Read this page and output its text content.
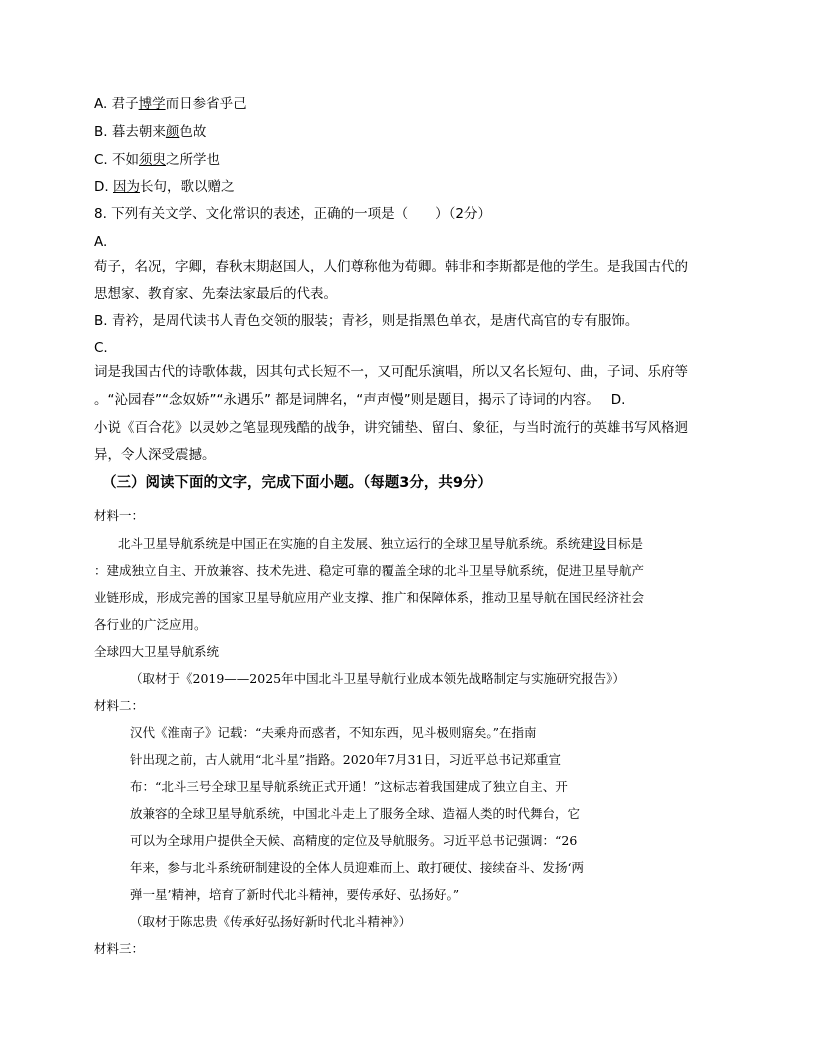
A. 君子博学而日参省乎己
B. 暮去朝来颜色故
C. 不如须臾之所学也
D. 因为长句，歌以赠之
8. 下列有关文学、文化常识的表述，正确的一项是（　　）（2分）
A.
荀子，名况，字卿，春秋末期赵国人，人们尊称他为荀卿。韩非和李斯都是他的学生。是我国古代的
思想家、教育家、先秦法家最后的代表。
B. 青衿，是周代读书人青色交领的服装；青衫，则是指黑色单衣，是唐代高官的专有服饰。
C.
词是我国古代的诗歌体裁，因其句式长短不一，又可配乐演唱，所以又名长短句、曲，子词、乐府等
。“沁园春”“念奴娇”“永遇乐” 都是词牌名，“声声慢”则是题目，揭示了诗词的内容。　 D.
小说《百合花》以灵妙之笔显现残酷的战争，讲究铺垫、留白、象征，与当时流行的英雄书写风格迥
异，令人深受震撼。
（三）阅读下面的文字，完成下面小题。（每题3分，共9分）
材料一：
北斗卫星导航系统是中国正在实施的自主发展、独立运行的全球卫星导航系统。系统建设目标是
：建成独立自主、开放兼容、技术先进、稳定可靠的覆盖全球的北斗卫星导航系统，促进卫星导航产
业链形成，形成完善的国家卫星导航应用产业支撑、推广和保障体系，推动卫星导航在国民经济社会
各行业的广泛应用。
全球四大卫星导航系统
（取材于《2019——2025年中国北斗卫星导航行业成本领先战略制定与实施研究报告》）
材料二：
汉代《淮南子》记载：“夫乘舟而惑者，不知东西，见斗极则寤矣。”在指南
针出现之前，古人就用“北斗星”指路。2020年7月31日，习近平总书记郑重宣
布：“北斗三号全球卫星导航系统正式开通！”这标志着我国建成了独立自主、开
放兼容的全球卫星导航系统，中国北斗走上了服务全球、造福人类的时代舞台，它
可以为全球用户提供全天候、高精度的定位及导航服务。习近平总书记强调：“26
年来，参与北斗系统研制建设的全体人员迎难而上、敢打硬仗、接续奋斗、发扬‘两
弹一星’精神，培育了新时代北斗精神，要传承好、弘扬好。”
（取材于陈忠贵《传承好弘扬好新时代北斗精神》）
材料三：
